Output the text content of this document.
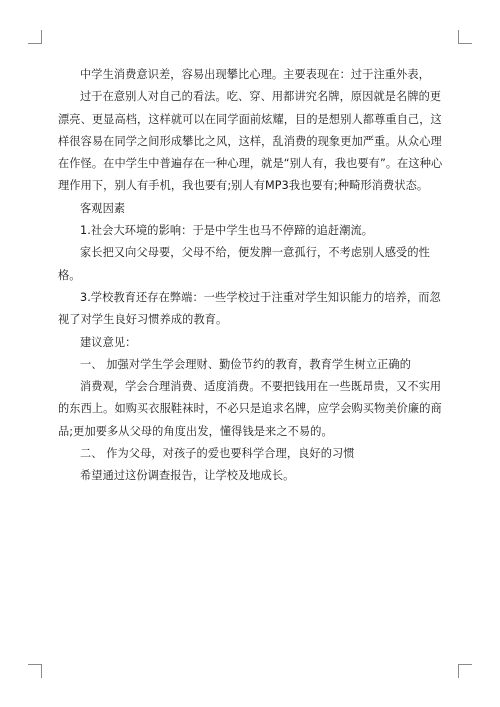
中学生消费意识差，容易出现攀比心理。主要表现在：过于注重外表，

过于在意别人对自己的看法。吃、穿、用都讲究名牌，原因就是名牌的更漂亮、更显高档，这样就可以在同学面前炫耀，目的是想别人都尊重自己，这样很容易在同学之间形成攀比之风，这样，乱消费的现象更加严重。从众心理在作怪。在中学生中普遍存在一种心理，就是“别人有，我也要有”。在这种心理作用下，别人有手机，我也要有;别人有MP3我也要有;种畸形消费状态。

客观因素

1.社会大环境的影响：于是中学生也马不停蹄的追赶潮流。

家长把又向父母要，父母不给，便发脾一意孤行，不考虑别人感受的性格。

3.学校教育还存在弊端：一些学校过于注重对学生知识能力的培养，而忽视了对学生良好习惯养成的教育。

建议意见：

一、 加强对学生学会理财、勤俭节约的教育，教育学生树立正确的

消费观，学会合理消费、适度消费。不要把钱用在一些既昂贵，又不实用的东西上。如购买衣服鞋袜时，不必只是追求名牌，应学会购买物美价廉的商品;更加要多从父母的角度出发，懂得钱是来之不易的。

二、 作为父母，对孩子的爱也要科学合理，良好的习惯

希望通过这份调查报告，让学校及地成长。
